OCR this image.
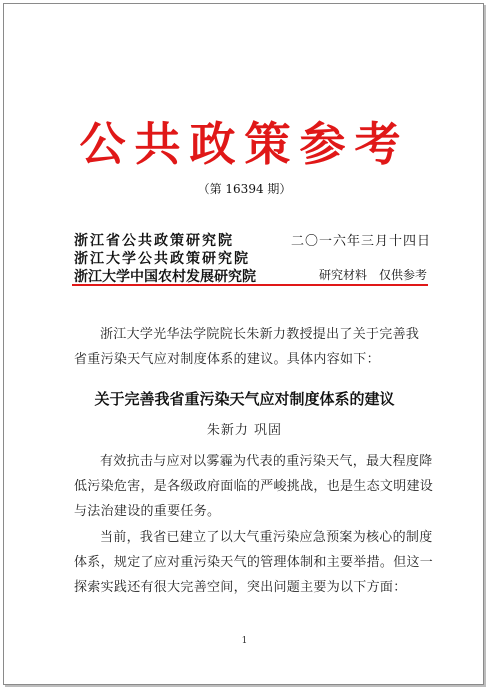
公共政策参考
（第 16394 期）
浙江省公共政策研究院
浙江大学公共政策研究院
浙江大学中国农村发展研究院
二〇一六年三月十四日
研究材料　仅供参考

浙江大学光华法学院院长朱新力教授提出了关于完善我省重污染天气应对制度体系的建议。具体内容如下：

关于完善我省重污染天气应对制度体系的建议
朱新力 巩固

有效抗击与应对以雾霾为代表的重污染天气，最大程度降低污染危害，是各级政府面临的严峻挑战，也是生态文明建设与法治建设的重要任务。

当前，我省已建立了以大气重污染应急预案为核心的制度体系，规定了应对重污染天气的管理体制和主要举措。但这一探索实践还有很大完善空间，突出问题主要为以下方面：

1
